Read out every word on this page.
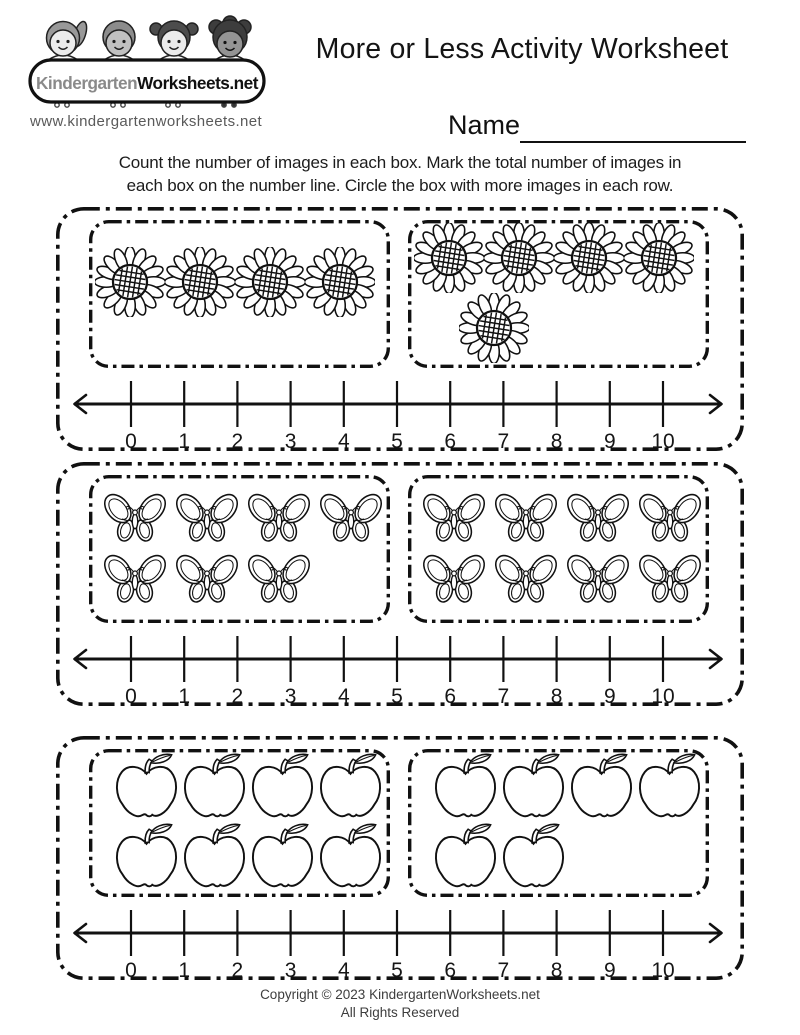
KindergartenWorksheets.net
www.kindergartenworksheets.net
More or Less Activity Worksheet
Name
Count the number of images in each box. Mark the total number of images in
each box on the number line. Circle the box with more images in each row.
0 1 2 3 4 5 6 7 8 9 10
0 1 2 3 4 5 6 7 8 9 10
0 1 2 3 4 5 6 7 8 9 10
Copyright © 2023 KindergartenWorksheets.net
All Rights Reserved
